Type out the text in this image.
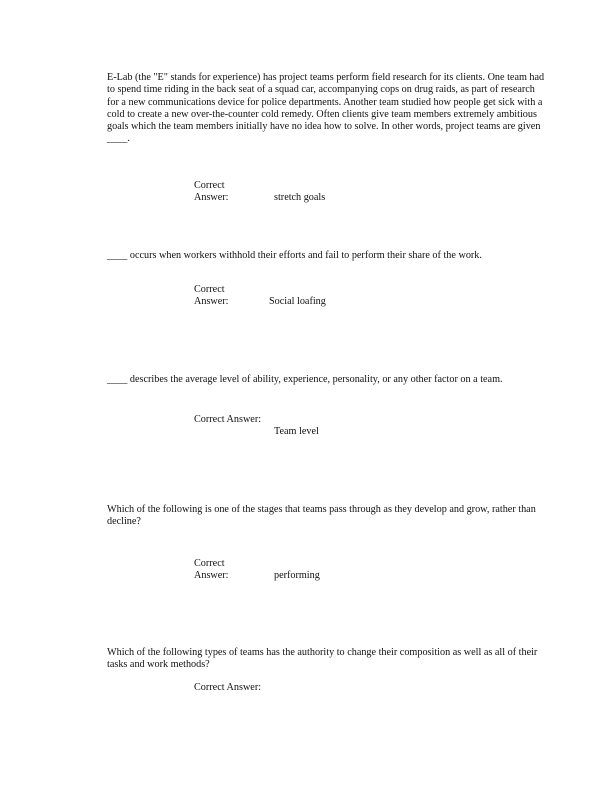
E-Lab (the "E" stands for experience) has project teams perform field research for its clients. One team had to spend time riding in the back seat of a squad car, accompanying cops on drug raids, as part of research for a new communications device for police departments. Another team studied how people get sick with a cold to create a new over-the-counter cold remedy. Often clients give team members extremely ambitious goals which the team members initially have no idea how to solve. In other words, project teams are given ____.

Correct Answer:	stretch goals

____ occurs when workers withhold their efforts and fail to perform their share of the work.

Correct Answer:	Social loafing

____ describes the average level of ability, experience, personality, or any other factor on a team.

Correct Answer:
Team level

Which of the following is one of the stages that teams pass through as they develop and grow, rather than decline?

Correct Answer:	performing

Which of the following types of teams has the authority to change their composition as well as all of their tasks and work methods?

Correct Answer:
